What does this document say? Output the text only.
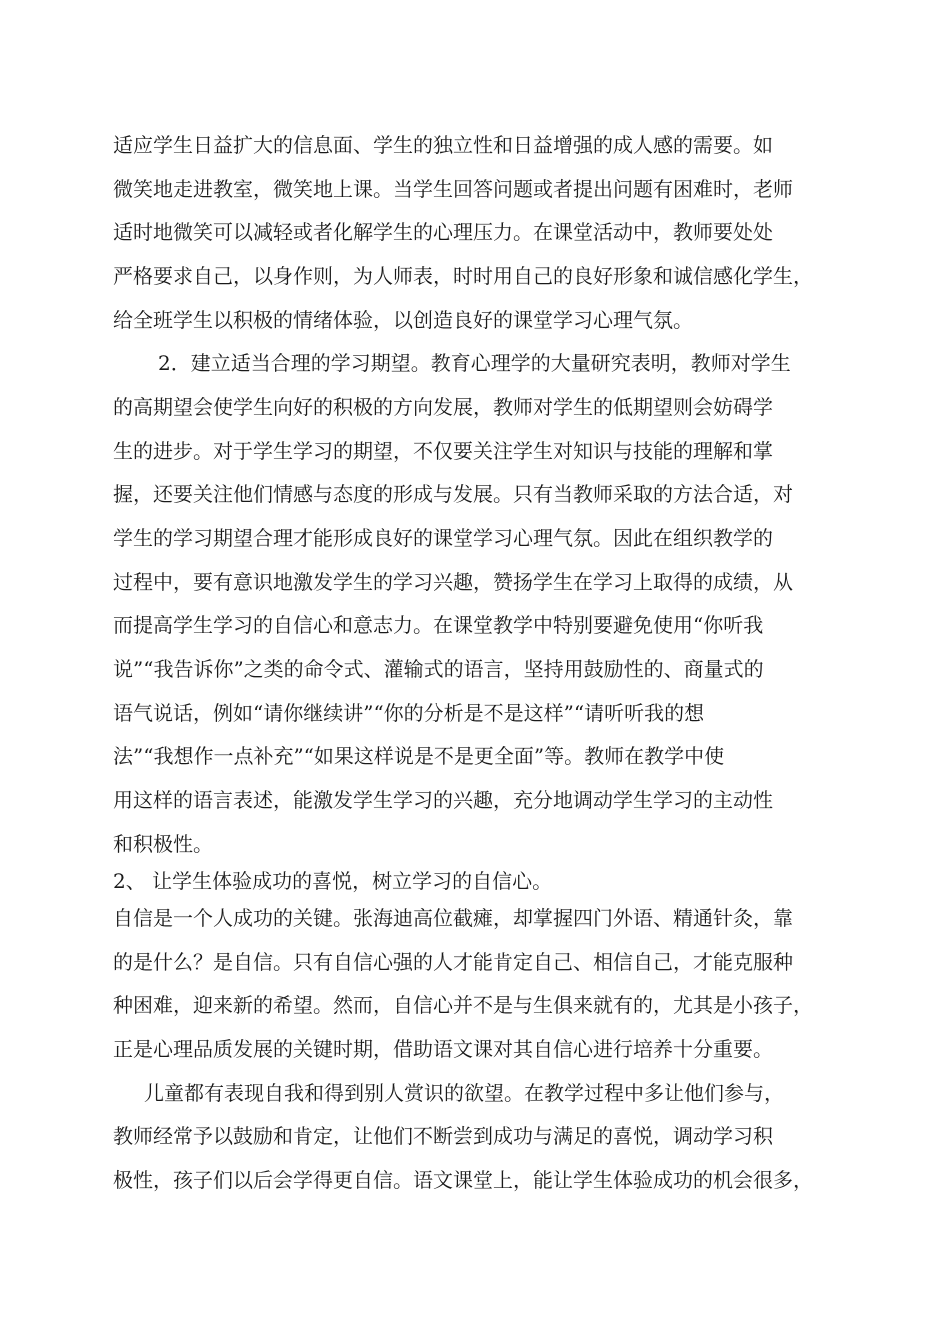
适应学生日益扩大的信息面、学生的独立性和日益增强的成人感的需要。如
微笑地走进教室，微笑地上课。当学生回答问题或者提出问题有困难时，老师
适时地微笑可以减轻或者化解学生的心理压力。在课堂活动中，教师要处处
严格要求自己，以身作则，为人师表，时时用自己的良好形象和诚信感化学生，
给全班学生以积极的情绪体验，以创造良好的课堂学习心理气氛。
2．建立适当合理的学习期望。教育心理学的大量研究表明，教师对学生
的高期望会使学生向好的积极的方向发展，教师对学生的低期望则会妨碍学
生的进步。对于学生学习的期望，不仅要关注学生对知识与技能的理解和掌
握，还要关注他们情感与态度的形成与发展。只有当教师采取的方法合适，对
学生的学习期望合理才能形成良好的课堂学习心理气氛。因此在组织教学的
过程中，要有意识地激发学生的学习兴趣，赞扬学生在学习上取得的成绩，从
而提高学生学习的自信心和意志力。在课堂教学中特别要避免使用“你听我
说”“我告诉你”之类的命令式、灌输式的语言，坚持用鼓励性的、商量式的
语气说话，例如“请你继续讲”“你的分析是不是这样”“请听听我的想
法”“我想作一点补充”“如果这样说是不是更全面”等。教师在教学中使
用这样的语言表述，能激发学生学习的兴趣，充分地调动学生学习的主动性
和积极性。
2、 让学生体验成功的喜悦，树立学习的自信心。
自信是一个人成功的关键。张海迪高位截瘫，却掌握四门外语、精通针灸，靠
的是什么？是自信。只有自信心强的人才能肯定自己、相信自己，才能克服种
种困难，迎来新的希望。然而，自信心并不是与生俱来就有的，尤其是小孩子，
正是心理品质发展的关键时期，借助语文课对其自信心进行培养十分重要。
儿童都有表现自我和得到别人赏识的欲望。在教学过程中多让他们参与，
教师经常予以鼓励和肯定，让他们不断尝到成功与满足的喜悦，调动学习积
极性，孩子们以后会学得更自信。语文课堂上，能让学生体验成功的机会很多，
